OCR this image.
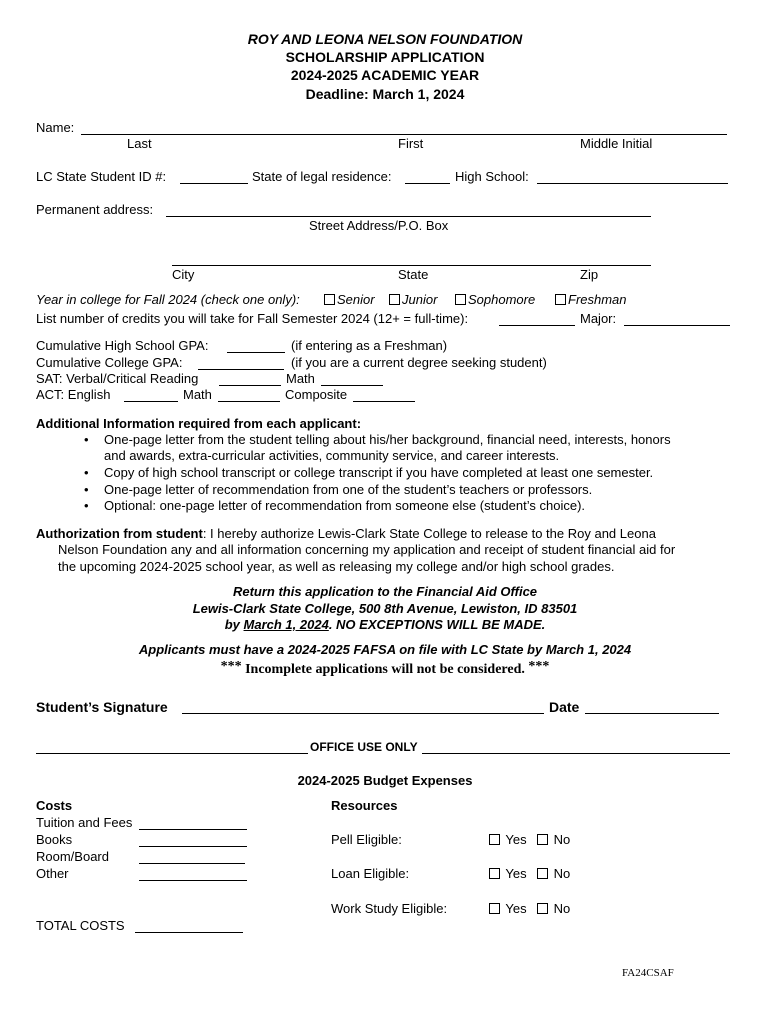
ROY AND LEONA NELSON FOUNDATION
SCHOLARSHIP APPLICATION
2024-2025 ACADEMIC YEAR
Deadline: March 1, 2024
Name:
Last	First	Middle Initial
LC State Student ID #:	State of legal residence:	High School:
Permanent address:
Street Address/P.O. Box
City	State	Zip
Year in college for Fall 2024 (check one only):	Senior	Junior	Sophomore	Freshman
List number of credits you will take for Fall Semester 2024 (12+ = full-time):	Major:
Cumulative High School GPA:	(if entering as a Freshman)
Cumulative College GPA:	(if you are a current degree seeking student)
SAT: Verbal/Critical Reading	Math
ACT: English	Math	Composite
Additional Information required from each applicant:
• One-page letter from the student telling about his/her background, financial need, interests, honors
and awards, extra-curricular activities, community service, and career interests.
• Copy of high school transcript or college transcript if you have completed at least one semester.
• One-page letter of recommendation from one of the student’s teachers or professors.
• Optional: one-page letter of recommendation from someone else (student’s choice).
Authorization from student: I hereby authorize Lewis-Clark State College to release to the Roy and Leona
Nelson Foundation any and all information concerning my application and receipt of student financial aid for
the upcoming 2024-2025 school year, as well as releasing my college and/or high school grades.
Return this application to the Financial Aid Office
Lewis-Clark State College, 500 8th Avenue, Lewiston, ID 83501
by March 1, 2024. NO EXCEPTIONS WILL BE MADE.
Applicants must have a 2024-2025 FAFSA on file with LC State by March 1, 2024
*** Incomplete applications will not be considered. ***
Student’s Signature	Date
OFFICE USE ONLY
2024-2025 Budget Expenses
Costs
Tuition and Fees
Books
Room/Board
Other
TOTAL COSTS
Resources
Pell Eligible:	Yes	No
Loan Eligible:	Yes	No
Work Study Eligible:	Yes	No
FA24CSAF
